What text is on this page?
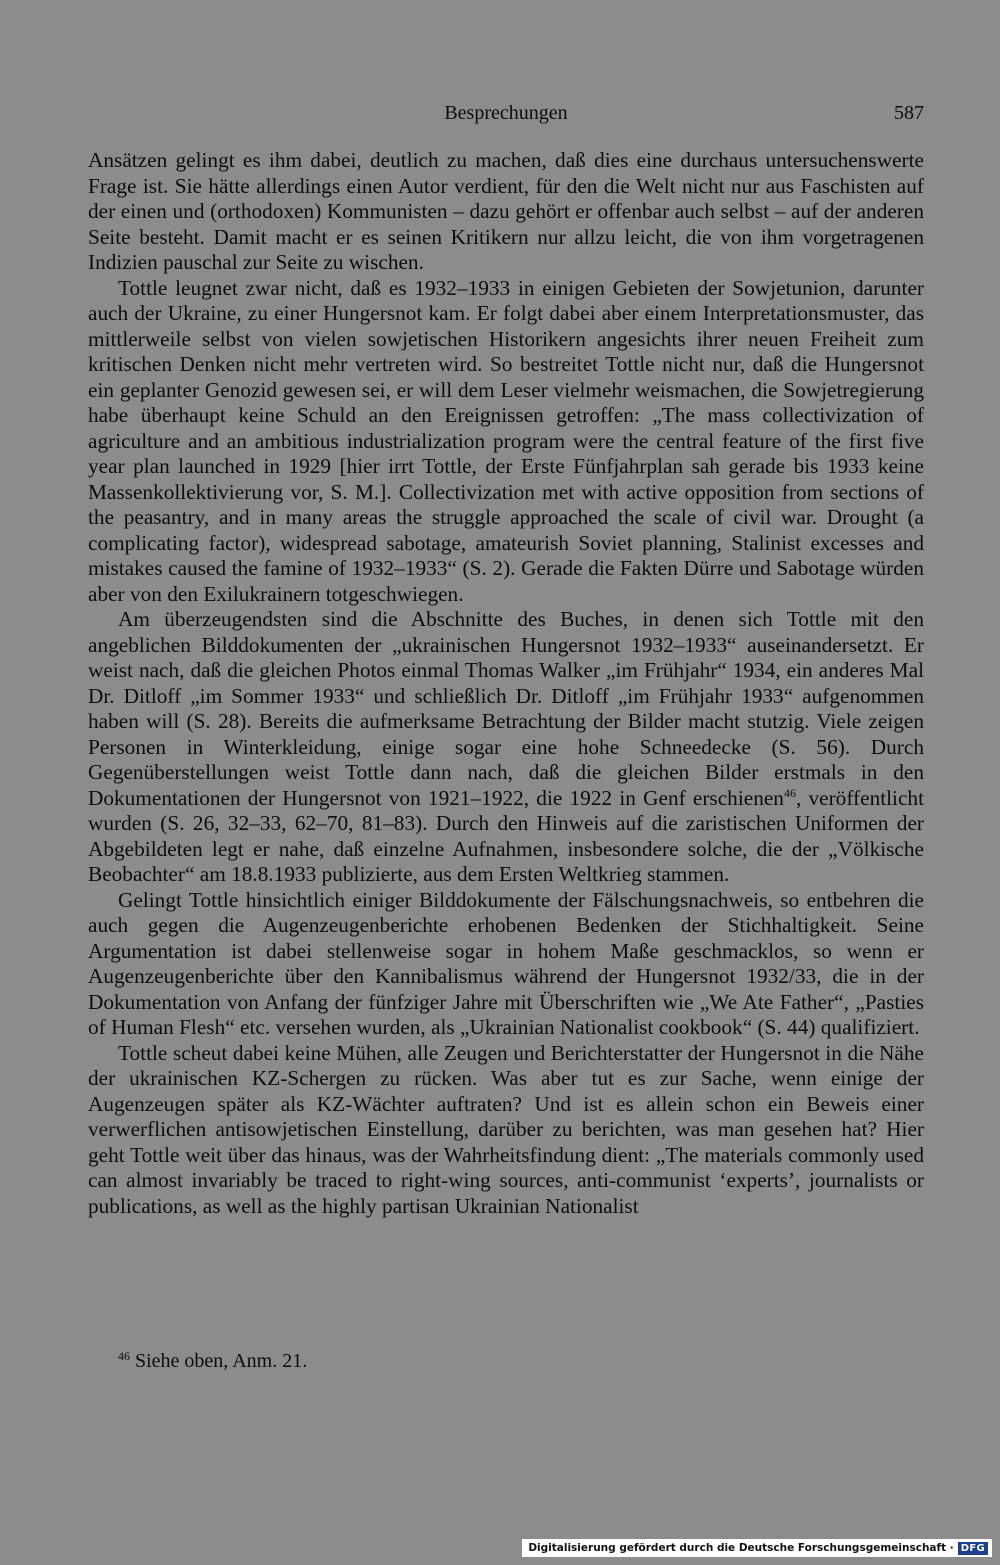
Besprechungen	587

Ansätzen gelingt es ihm dabei, deutlich zu machen, daß dies eine durchaus untersuchenswerte Frage ist. Sie hätte allerdings einen Autor verdient, für den die Welt nicht nur aus Faschisten auf der einen und (orthodoxen) Kommunisten – dazu gehört er offenbar auch selbst – auf der anderen Seite besteht. Damit macht er es seinen Kritikern nur allzu leicht, die von ihm vorgetragenen Indizien pauschal zur Seite zu wischen.

Tottle leugnet zwar nicht, daß es 1932–1933 in einigen Gebieten der Sowjetunion, darunter auch der Ukraine, zu einer Hungersnot kam. Er folgt dabei aber einem Interpretationsmuster, das mittlerweile selbst von vielen sowjetischen Historikern angesichts ihrer neuen Freiheit zum kritischen Denken nicht mehr vertreten wird. So bestreitet Tottle nicht nur, daß die Hungersnot ein geplanter Genozid gewesen sei, er will dem Leser vielmehr weismachen, die Sowjetregierung habe überhaupt keine Schuld an den Ereignissen getroffen: „The mass collectivization of agriculture and an ambitious industrialization program were the central feature of the first five year plan launched in 1929 [hier irrt Tottle, der Erste Fünfjahrplan sah gerade bis 1933 keine Massenkollektivierung vor, S. M.]. Collectivization met with active opposition from sections of the peasantry, and in many areas the struggle approached the scale of civil war. Drought (a complicating factor), widespread sabotage, amateurish Soviet planning, Stalinist excesses and mistakes caused the famine of 1932–1933“ (S. 2). Gerade die Fakten Dürre und Sabotage würden aber von den Exilukrainern totgeschwiegen.

Am überzeugendsten sind die Abschnitte des Buches, in denen sich Tottle mit den angeblichen Bilddokumenten der „ukrainischen Hungersnot 1932–1933“ auseinandersetzt. Er weist nach, daß die gleichen Photos einmal Thomas Walker „im Frühjahr“ 1934, ein anderes Mal Dr. Ditloff „im Sommer 1933“ und schließlich Dr. Ditloff „im Frühjahr 1933“ aufgenommen haben will (S. 28). Bereits die aufmerksame Betrachtung der Bilder macht stutzig. Viele zeigen Personen in Winterkleidung, einige sogar eine hohe Schneedecke (S. 56). Durch Gegenüberstellungen weist Tottle dann nach, daß die gleichen Bilder erstmals in den Dokumentationen der Hungersnot von 1921–1922, die 1922 in Genf erschienen$^{46}$, veröffentlicht wurden (S. 26, 32–33, 62–70, 81–83). Durch den Hinweis auf die zaristischen Uniformen der Abgebildeten legt er nahe, daß einzelne Aufnahmen, insbesondere solche, die der „Völkische Beobachter“ am 18.8.1933 publizierte, aus dem Ersten Weltkrieg stammen.

Gelingt Tottle hinsichtlich einiger Bilddokumente der Fälschungsnachweis, so entbehren die auch gegen die Augenzeugenberichte erhobenen Bedenken der Stichhaltigkeit. Seine Argumentation ist dabei stellenweise sogar in hohem Maße geschmacklos, so wenn er Augenzeugenberichte über den Kannibalismus während der Hungersnot 1932/33, die in der Dokumentation von Anfang der fünfziger Jahre mit Überschriften wie „We Ate Father“, „Pasties of Human Flesh“ etc. versehen wurden, als „Ukrainian Nationalist cookbook“ (S. 44) qualifiziert.

Tottle scheut dabei keine Mühen, alle Zeugen und Berichterstatter der Hungersnot in die Nähe der ukrainischen KZ-Schergen zu rücken. Was aber tut es zur Sache, wenn einige der Augenzeugen später als KZ-Wächter auftraten? Und ist es allein schon ein Beweis einer verwerflichen antisowjetischen Einstellung, darüber zu berichten, was man gesehen hat? Hier geht Tottle weit über das hinaus, was der Wahrheitsfindung dient: „The materials commonly used can almost invariably be traced to right-wing sources, anti-communist ‘experts’, journalists or publications, as well as the highly partisan Ukrainian Nationalist

$^{46}$ Siehe oben, Anm. 21.
Digitalisierung gefördert durch die Deutsche Forschungsgemeinschaft · DFG
